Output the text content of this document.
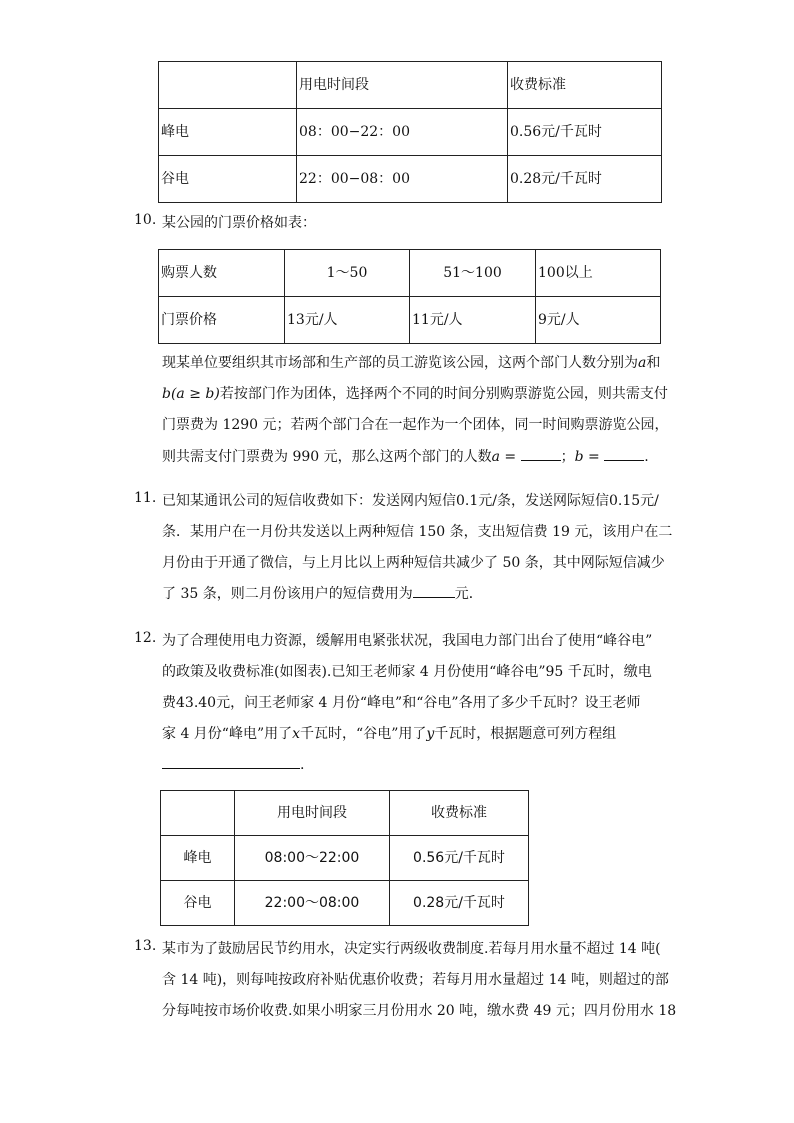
	用电时间段	收费标准
峰电	08：00−22：00	0.56元/千瓦时
谷电	22：00−08：00	0.28元/千瓦时
10. 某公园的门票价格如表：
购票人数	1～50	51～100	100以上
门票价格	13元/人	11元/人	9元/人
现某单位要组织其市场部和生产部的员工游览该公园，这两个部门人数分别为a和
b(a ≥ b)若按部门作为团体，选择两个不同的时间分别购票游览公园，则共需支付
门票费为 1290 元；若两个部门合在一起作为一个团体，同一时间购票游览公园，
则共需支付门票费为 990 元，那么这两个部门的人数a =	；b =	.
11. 已知某通讯公司的短信收费如下：发送网内短信0.1元/条，发送网际短信0.15元/
条．某用户在一月份共发送以上两种短信 150 条，支出短信费 19 元，该用户在二
月份由于开通了微信，与上月比以上两种短信共减少了 50 条，其中网际短信减少
了 35 条，则二月份该用户的短信费用为	元．
12. 为了合理使用电力资源，缓解用电紧张状况，我国电力部门出台了使用“峰谷电”
的政策及收费标准(如图表).已知王老师家 4 月份使用“峰谷电”95 千瓦时，缴电
费43.40元，问王老师家 4 月份“峰电”和“谷电”各用了多少千瓦时？设王老师
家 4 月份“峰电”用了x千瓦时，“谷电”用了y千瓦时，根据题意可列方程组
.
	用电时间段	收费标准
峰电	08:00～22:00	0.56元/千瓦时
谷电	22:00～08:00	0.28元/千瓦时
13. 某市为了鼓励居民节约用水，决定实行两级收费制度.若每月用水量不超过 14 吨(
含 14 吨)，则每吨按政府补贴优惠价收费；若每月用水量超过 14 吨，则超过的部
分每吨按市场价收费.如果小明家三月份用水 20 吨，缴水费 49 元；四月份用水 18
